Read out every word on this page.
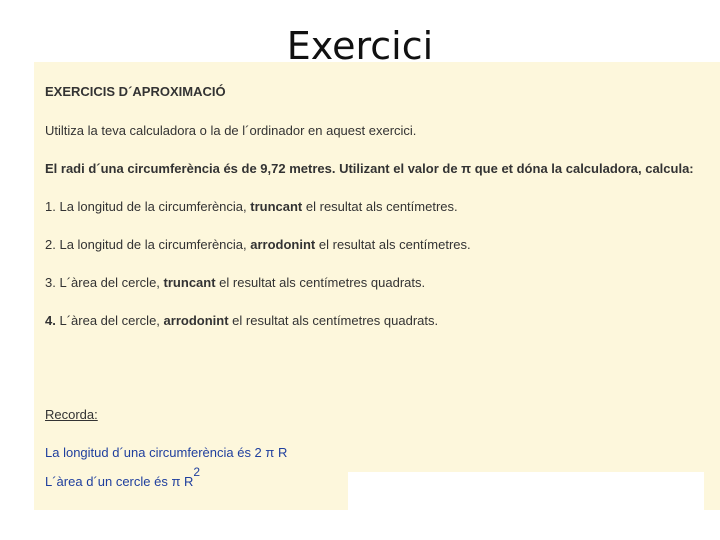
Exercici
EXERCICIS D´APROXIMACIÓ
Utiltiza la teva calculadora o la de l´ordinador en aquest exercici.
El radi d´una circumferència és de 9,72 metres. Utilizant el valor de π que et dóna la calculadora, calcula:
1. La longitud de la circumferència, truncant el resultat als centímetres.
2. La longitud de la circumferència, arrodonint el resultat als centímetres.
3. L´àrea del cercle, truncant el resultat als centímetres quadrats.
4. L´àrea del cercle, arrodonint el resultat als centímetres quadrats.
Recorda:
La longitud d´una circumferència és 2 π R
L´àrea d´un cercle és π R2
